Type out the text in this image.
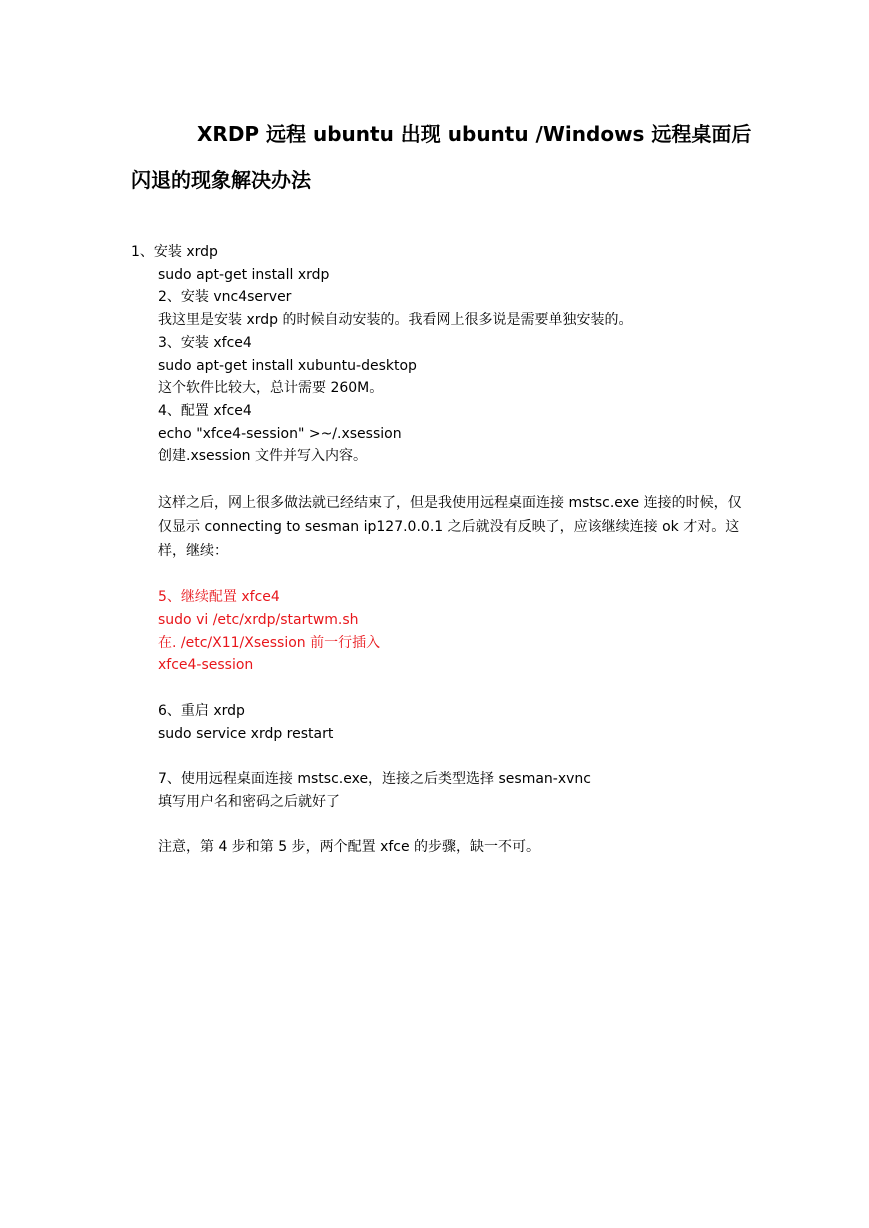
XRDP 远程 ubuntu 出现 ubuntu /Windows 远程桌面后
闪退的现象解决办法
1、安装 xrdp
sudo apt-get install xrdp
2、安装 vnc4server
我这里是安装 xrdp 的时候自动安装的。我看网上很多说是需要单独安装的。
3、安装 xfce4
sudo apt-get install xubuntu-desktop
这个软件比较大，总计需要 260M。
4、配置 xfce4
echo "xfce4-session" >~/.xsession
创建.xsession 文件并写入内容。
这样之后，网上很多做法就已经结束了，但是我使用远程桌面连接 mstsc.exe 连接的时候，仅仅显示 connecting to sesman ip127.0.0.1 之后就没有反映了，应该继续连接 ok 才对。这样，继续：
5、继续配置 xfce4
sudo vi /etc/xrdp/startwm.sh
在. /etc/X11/Xsession 前一行插入
xfce4-session
6、重启 xrdp
sudo service xrdp restart
7、使用远程桌面连接 mstsc.exe，连接之后类型选择 sesman-xvnc
填写用户名和密码之后就好了
注意，第 4 步和第 5 步，两个配置 xfce 的步骤，缺一不可。
